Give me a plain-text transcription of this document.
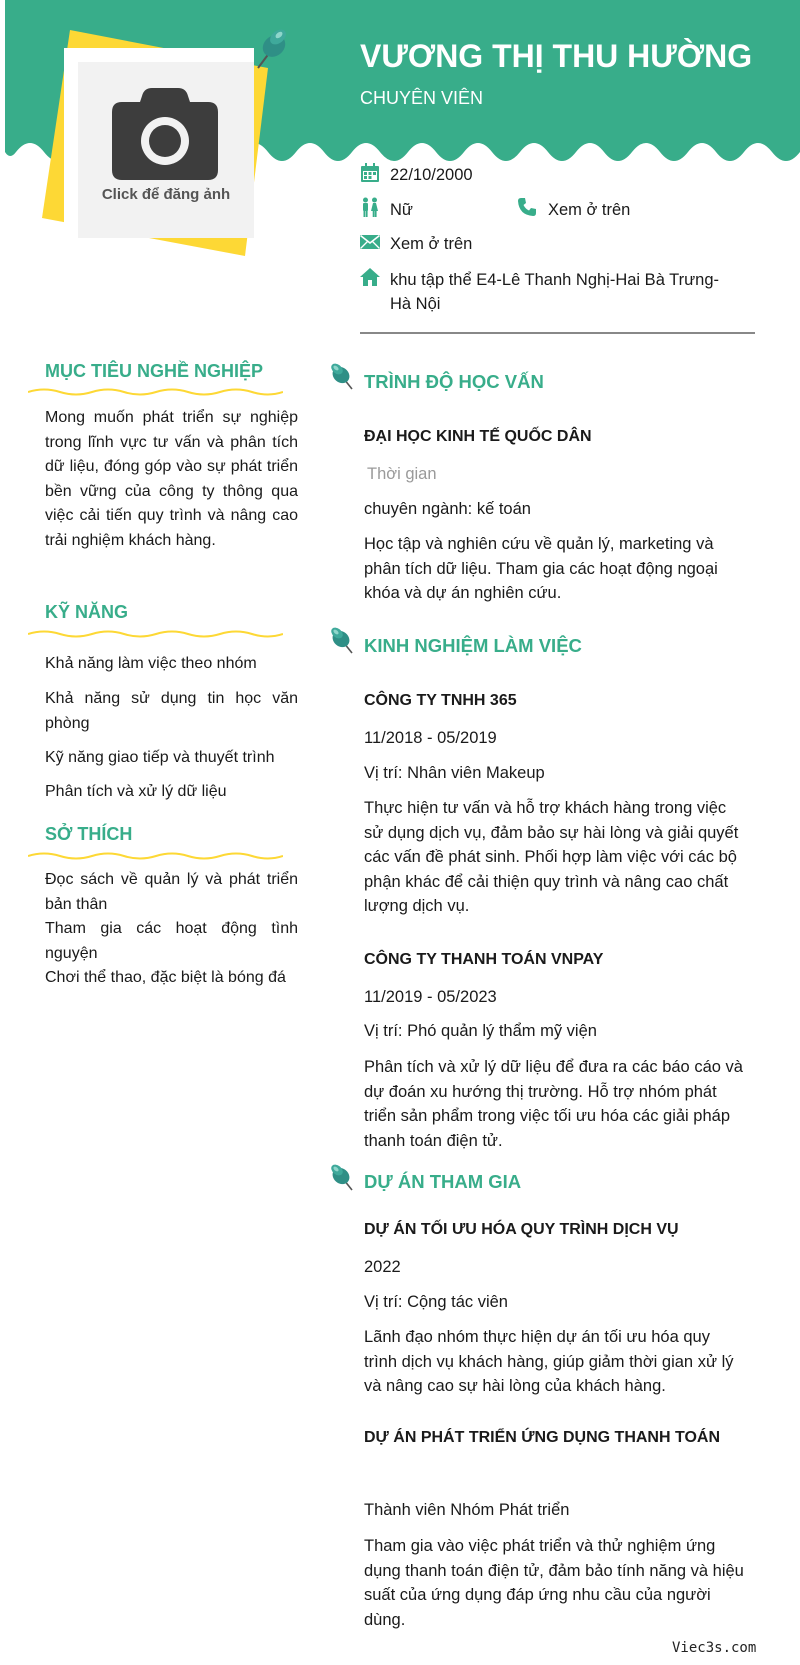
Click để đăng ảnh
VƯƠNG THỊ THU HƯỜNG
CHUYÊN VIÊN
22/10/2000
Nữ	Xem ở trên
Xem ở trên
khu tập thể E4-Lê Thanh Nghị-Hai Bà Trưng-Hà Nội
MỤC TIÊU NGHỀ NGHIỆP
Mong muốn phát triển sự nghiệp trong lĩnh vực tư vấn và phân tích dữ liệu, đóng góp vào sự phát triển bền vững của công ty thông qua việc cải tiến quy trình và nâng cao trải nghiệm khách hàng.
KỸ NĂNG
Khả năng làm việc theo nhóm
Khả năng sử dụng tin học văn phòng
Kỹ năng giao tiếp và thuyết trình
Phân tích và xử lý dữ liệu
SỞ THÍCH
Đọc sách về quản lý và phát triển bản thân
Tham gia các hoạt động tình nguyện
Chơi thể thao, đặc biệt là bóng đá
TRÌNH ĐỘ HỌC VẤN
ĐẠI HỌC KINH TẾ QUỐC DÂN
Thời gian
chuyên ngành: kế toán
Học tập và nghiên cứu về quản lý, marketing và phân tích dữ liệu. Tham gia các hoạt động ngoại khóa và dự án nghiên cứu.
KINH NGHIỆM LÀM VIỆC
CÔNG TY TNHH 365
11/2018 - 05/2019
Vị trí: Nhân viên Makeup
Thực hiện tư vấn và hỗ trợ khách hàng trong việc sử dụng dịch vụ, đảm bảo sự hài lòng và giải quyết các vấn đề phát sinh. Phối hợp làm việc với các bộ phận khác để cải thiện quy trình và nâng cao chất lượng dịch vụ.
CÔNG TY THANH TOÁN VNPAY
11/2019 - 05/2023
Vị trí: Phó quản lý thẩm mỹ viện
Phân tích và xử lý dữ liệu để đưa ra các báo cáo và dự đoán xu hướng thị trường. Hỗ trợ nhóm phát triển sản phẩm trong việc tối ưu hóa các giải pháp thanh toán điện tử.
DỰ ÁN THAM GIA
DỰ ÁN TỐI ƯU HÓA QUY TRÌNH DỊCH VỤ
2022
Vị trí: Cộng tác viên
Lãnh đạo nhóm thực hiện dự án tối ưu hóa quy trình dịch vụ khách hàng, giúp giảm thời gian xử lý và nâng cao sự hài lòng của khách hàng.
DỰ ÁN PHÁT TRIỂN ỨNG DỤNG THANH TOÁN
Thành viên Nhóm Phát triển
Tham gia vào việc phát triển và thử nghiệm ứng dụng thanh toán điện tử, đảm bảo tính năng và hiệu suất của ứng dụng đáp ứng nhu cầu của người dùng.
Viec3s.com
